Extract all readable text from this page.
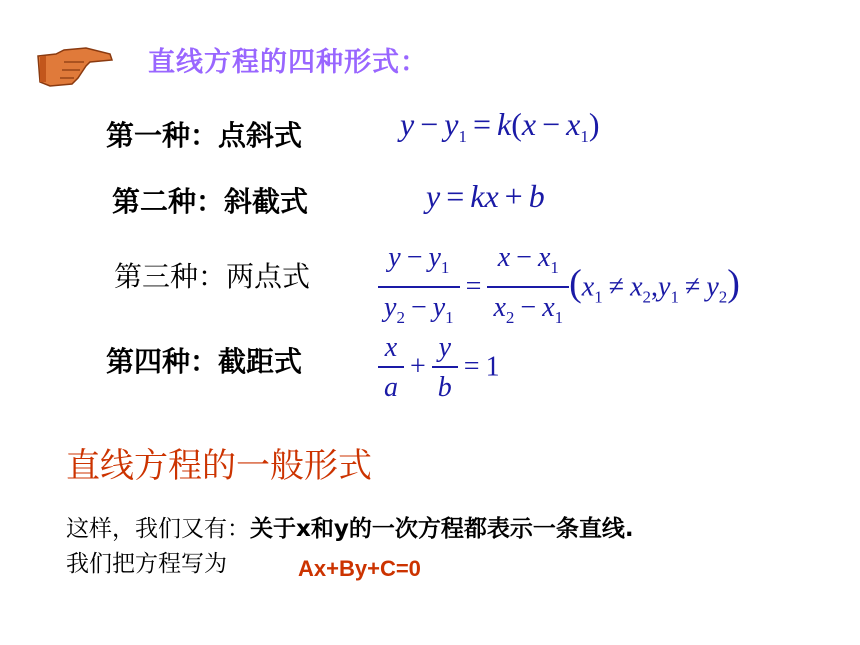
直线方程的四种形式：
第一种：点斜式	$y - y_1 = k(x - x_1)$
第二种：斜截式	y = kx + b
第三种：两点式 $\frac{y - y_1}{y_2 - y_1} = \frac{x - x_1}{x_2 - x_1} (x_1 \ne x_2,y_1 \ne y_2)$
第四种：截距式	$\frac{x}{a} + \frac{y}{b} = 1$
直线方程的一般形式
这样，我们又有：关于x和y的一次方程都表示一条直线.
我们把方程写为	Ax+By+C=0
